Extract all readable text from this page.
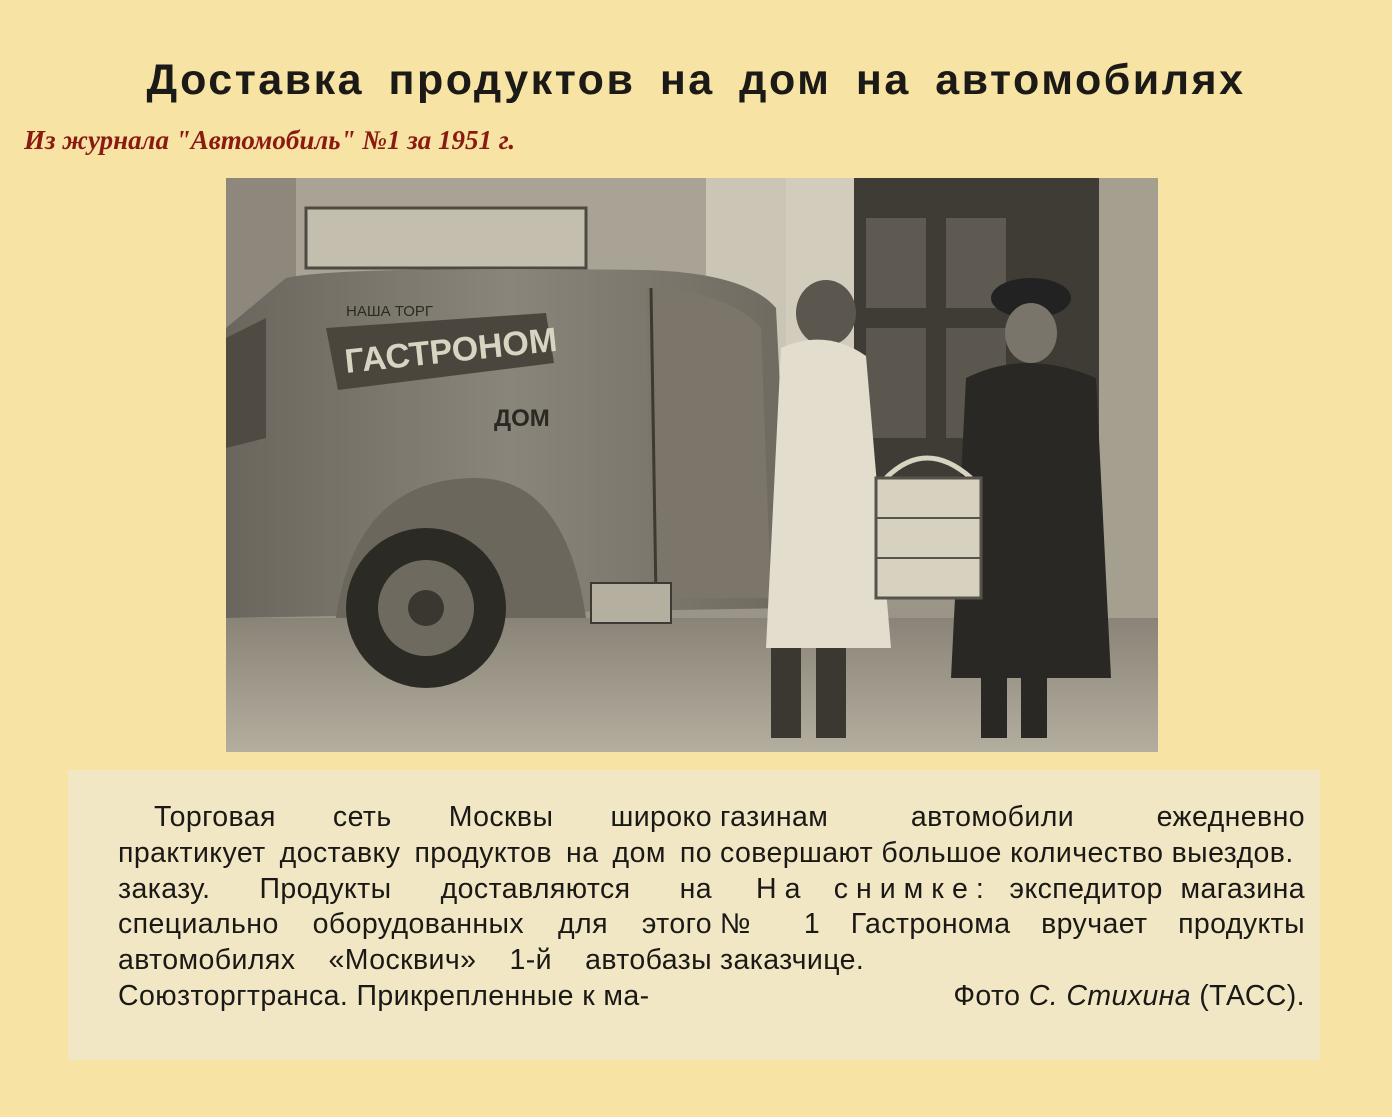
Доставка продуктов на дом на автомобилях
Из журнала "Автомобиль" №1 за 1951 г.
НАША ТОРГ
ГАСТРОНОМ
ДОМ

Торговая сеть Москвы широко практикует доставку продуктов на дом по заказу. Продукты доставляются на специально оборудованных для этого автомобилях «Москвич» 1-й автобазы Союзторгтранса. Прикрепленные к ма-

газинам автомобили ежедневно совершают большое количество выездов.

На снимке: экспедитор магазина № 1 Гастронома вручает продукты заказчице.

Фото С. Стихина (ТАСС).
